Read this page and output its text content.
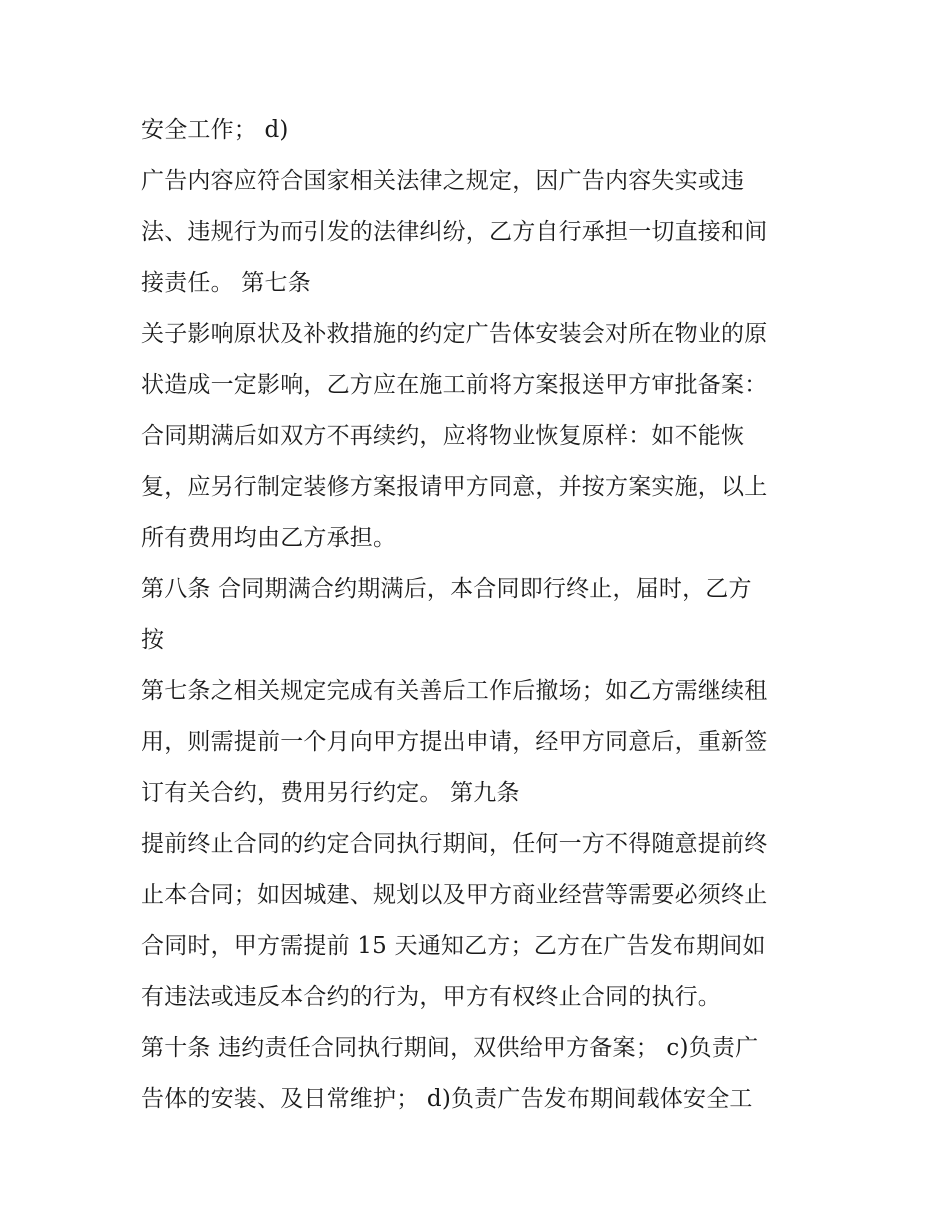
安全工作； d)
广告内容应符合国家相关法律之规定，因广告内容失实或违
法、违规行为而引发的法律纠纷，乙方自行承担一切直接和间
接责任。 第七条
关子影响原状及补救措施的约定广告体安装会对所在物业的原
状造成一定影响，乙方应在施工前将方案报送甲方审批备案：
合同期满后如双方不再续约，应将物业恢复原样：如不能恢
复，应另行制定装修方案报请甲方同意，并按方案实施，以上
所有费用均由乙方承担。
第八条 合同期满合约期满后，本合同即行终止，届时，乙方
按
第七条之相关规定完成有关善后工作后撤场；如乙方需继续租
用，则需提前一个月向甲方提出申请，经甲方同意后，重新签
订有关合约，费用另行约定。 第九条
提前终止合同的约定合同执行期间，任何一方不得随意提前终
止本合同；如因城建、规划以及甲方商业经营等需要必须终止
合同时，甲方需提前 15 天通知乙方；乙方在广告发布期间如
有违法或违反本合约的行为，甲方有权终止合同的执行。
第十条 违约责任合同执行期间，双供给甲方备案； c)负责广
告体的安装、及日常维护； d)负责广告发布期间载体安全工
